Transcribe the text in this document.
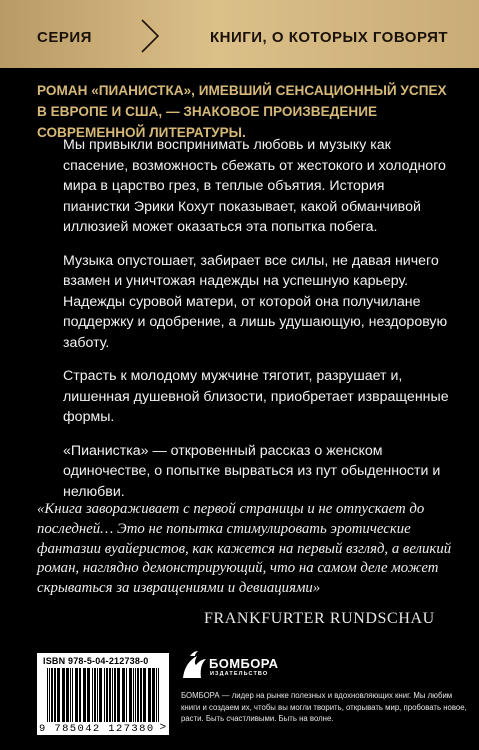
СЕРИЯ	КНИГИ, О КОТОРЫХ ГОВОРЯТ
РОМАН «ПИАНИСТКА», ИМЕВШИЙ СЕНСАЦИОННЫЙ УСПЕХ В ЕВРОПЕ И США, — ЗНАКОВОЕ ПРОИЗВЕДЕНИЕ СОВРЕМЕННОЙ ЛИТЕРАТУРЫ.

Мы привыкли воспринимать любовь и музыку как спасение, возможность сбежать от жестокого и холодного мира в царство грез, в теплые объятия. История пианистки Эрики Кохут показывает, какой обманчивой иллюзией может оказаться эта попытка побега.

Музыка опустошает, забирает все силы, не давая ничего взамен и уничтожая надежды на успешную карьеру. Надежды суровой матери, от которой она получилане поддержку и одобрение, а лишь удушающую, нездоровую заботу.

Страсть к молодому мужчине тяготит, разрушает и, лишенная душевной близости, приобретает извращенные формы.

«Пианистка» — откровенный рассказ о женском одиночестве, о попытке вырваться из пут обыденности и нелюбви.

«Книга завораживает с первой страницы и не отпускает до последней… Это не попытка стимулировать эротические фантазии вуайеристов, как кажется на первый взгляд, а великий роман, наглядно демонстрирующий, что на самом деле может скрываться за извращениями и девиациями»
FRANKFURTER RUNDSCHAU
ISBN 978-5-04-212738-0
9 785042 127380 >
БОМБОРА
ИЗДАТЕЛЬСТВО
БОМБОРА — лидер на рынке полезных и вдохновляющих книг. Мы любим книги и создаем их, чтобы вы могли творить, открывать мир, пробовать новое, расти. Быть счастливыми. Быть на волне.
